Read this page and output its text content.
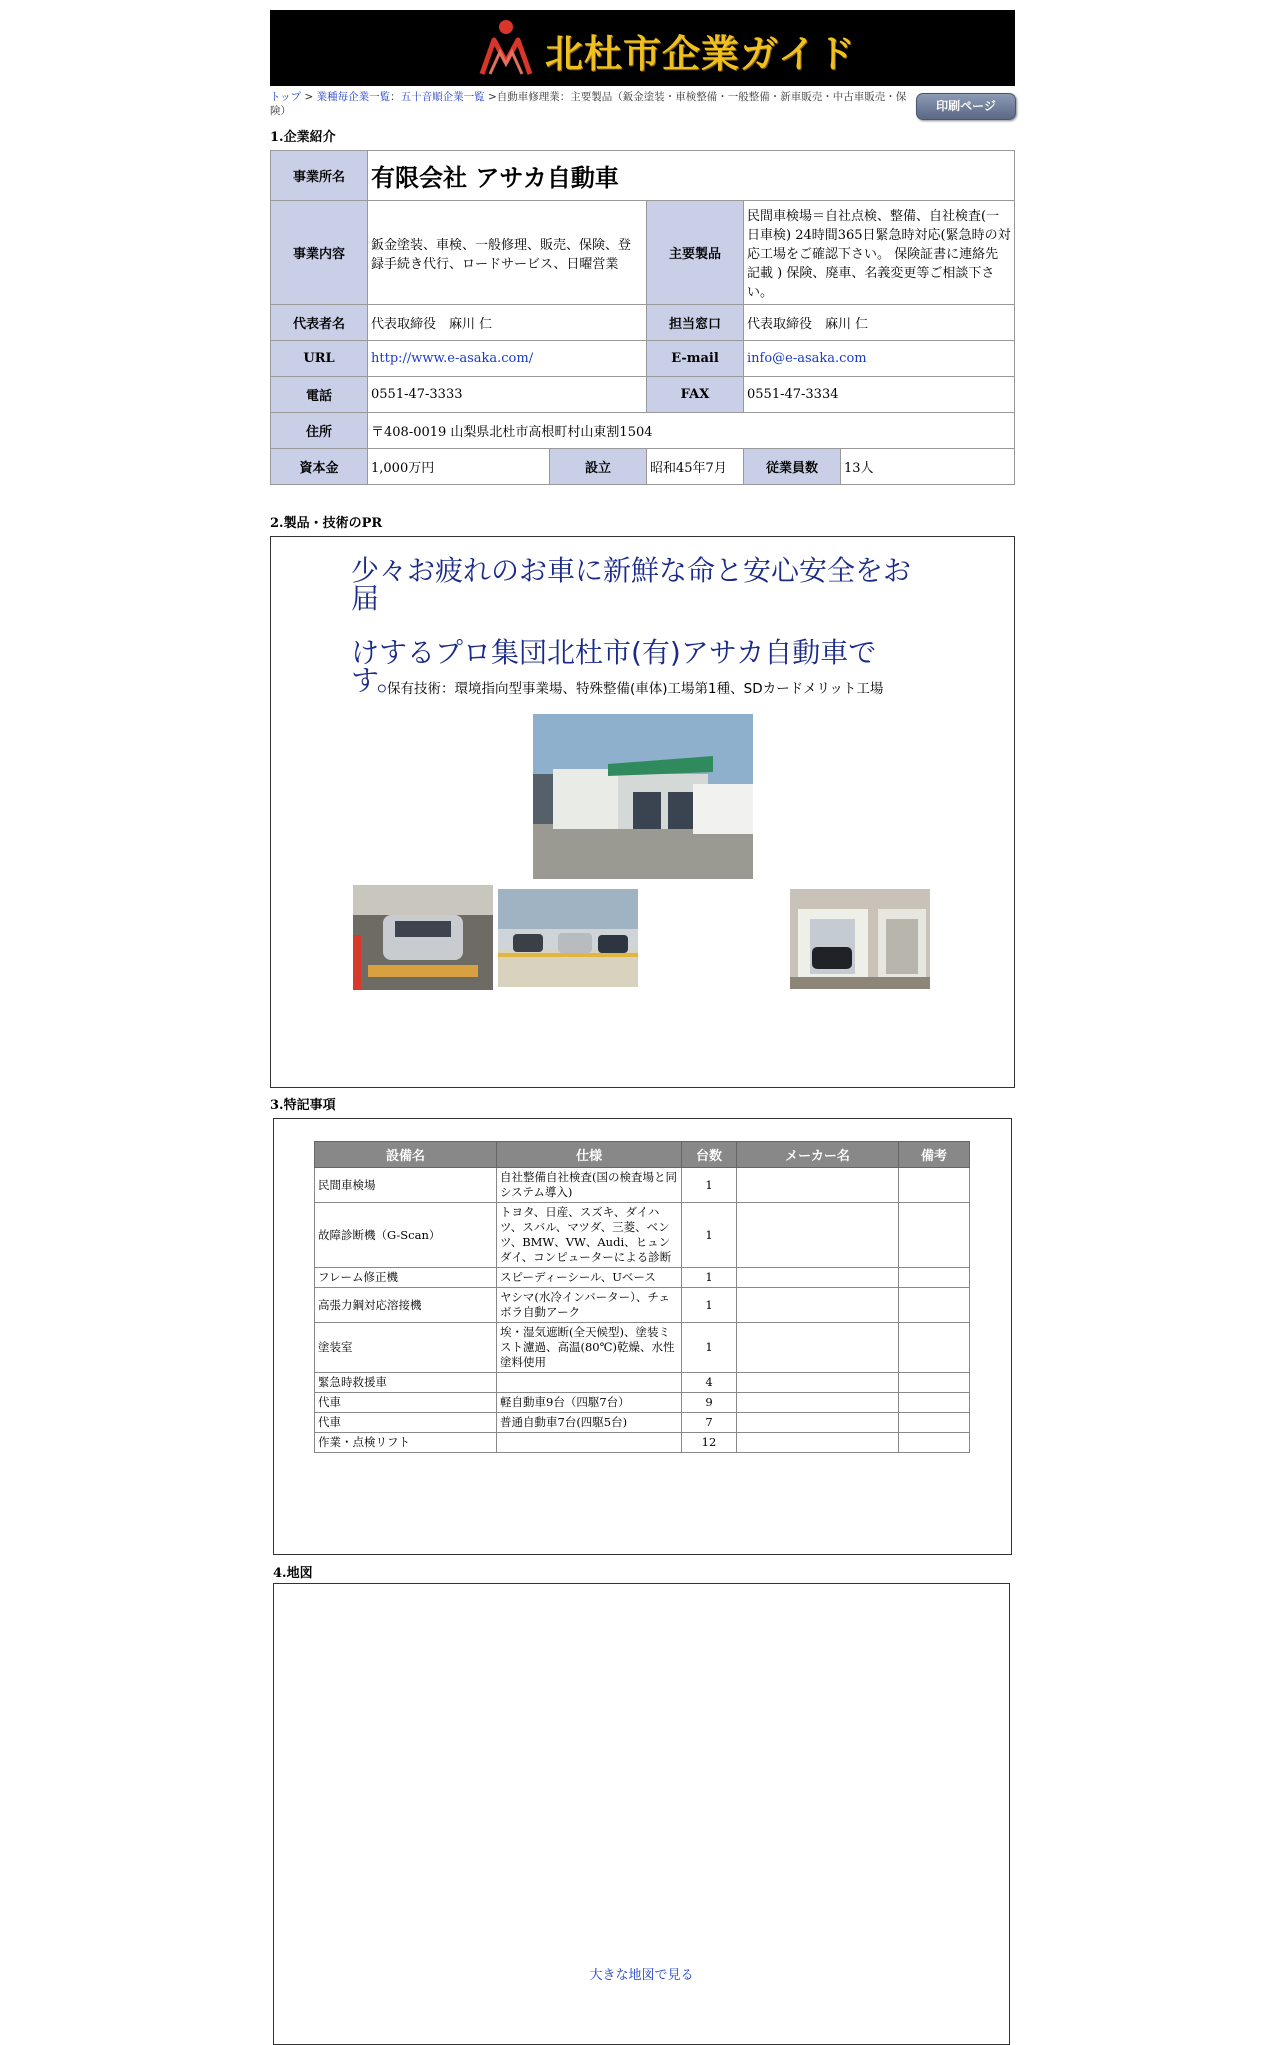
北杜市企業ガイド
トップ > 業種毎企業一覧：五十音順企業一覧 >自動車修理業：主要製品（鈑金塗装・車検整備・一般整備・新車販売・中古車販売・保険）	印刷ページ
1.企業紹介
事業所名	有限会社 アサカ自動車				
事業内容	鈑金塗装、車検、一般修理、販売、保険、登録手続き代行、ロードサービス、日曜営業		主要製品	民間車検場＝自社点検、整備、自社検査(一日車検) 24時間365日緊急時対応(緊急時の対応工場をご確認下さい。 保険証書に連絡先記載 ) 保険、廃車、名義変更等ご相談下さい。	
代表者名	代表取締役　麻川 仁		担当窓口	代表取締役　麻川 仁	
URL	http://www.e-asaka.com/		E-mail	info@e-asaka.com	
電話	0551-47-3333		FAX	0551-47-3334	
住所	〒408-0019 山梨県北杜市高根町村山東割1504				
資本金	1,000万円	設立	昭和45年7月	従業員数	13人
2.製品・技術のPR

少々お疲れのお車に新鮮な命と安心安全をお届

けするプロ集団北杜市(有)アサカ自動車です。

保有技術：環境指向型事業場、特殊整備(車体)工場第1種、SDカードメリット工場
3.特記事項
設備名	仕様	台数	メーカー名	備考
民間車検場	自社整備自社検査(国の検査場と同システム導入)	1		
故障診断機（G-Scan）	トヨタ、日産、スズキ、ダイハツ、スバル、マツダ、三菱、ベンツ、BMW、VW、Audi、ヒュンダイ、コンピューターによる診断	1		
フレーム修正機	スピーディーシール、Uベース	1		
高張力鋼対応溶接機	ヤシマ(水冷インバーター）、チェボラ自動アーク	1		
塗装室	埃・湿気遮断(全天候型)、塗装ミスト濾過、高温(80℃)乾燥、水性塗料使用	1		
緊急時救援車		4		
代車	軽自動車9台（四駆7台）	9		
代車	普通自動車7台(四駆5台)	7		
作業・点検リフト		12		
4.地図
大きな地図で見る
